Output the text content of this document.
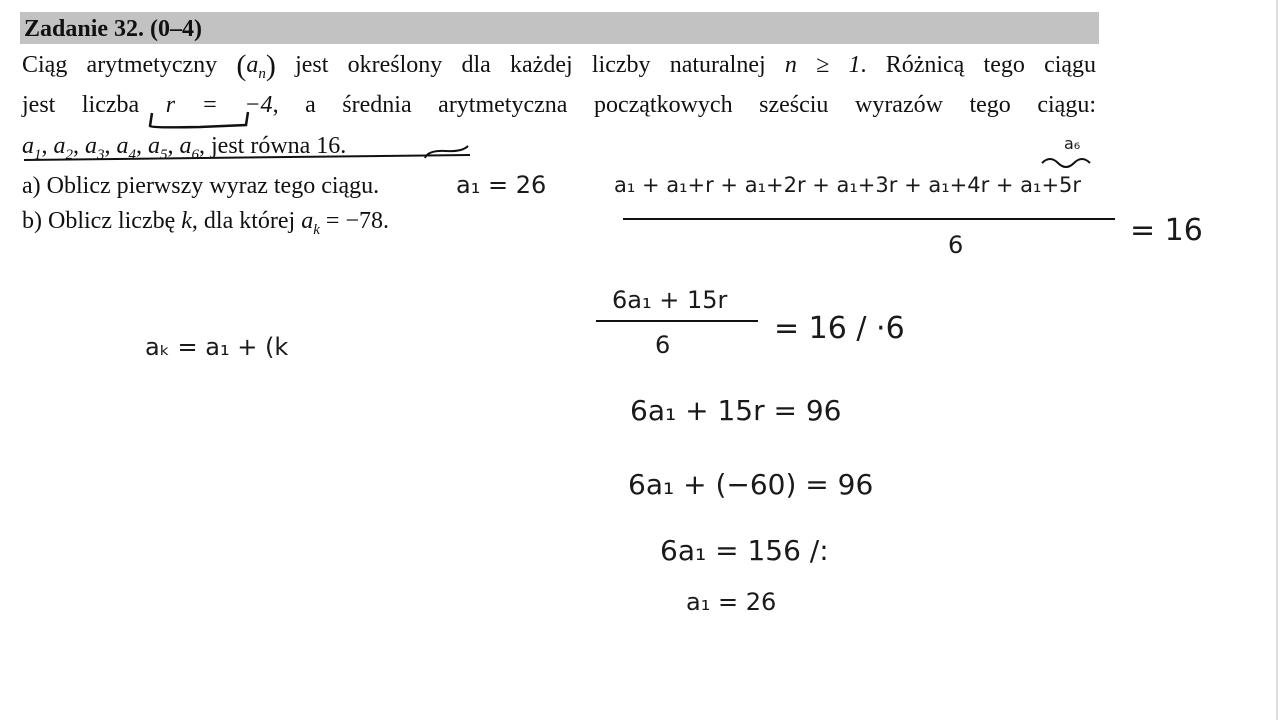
Zadanie 32. (0–4)
Ciąg arytmetyczny $(a_n)$ jest określony dla każdej liczby naturalnej n ≥ 1. Różnicą tego ciągu
jest liczba r = −4, a średnia arytmetyczna początkowych sześciu wyrazów tego ciągu:
$a_1$, $a_2$, $a_3$, $a_4$, $a_5$, $a_6$, jest równa 16.
a) Oblicz pierwszy wyraz tego ciągu.
b) Oblicz liczbę k, dla której $a_k = -78$.
a₁ = 26
a₆
a₁ + a₁+r + a₁+2r + a₁+3r + a₁+4r + a₁+5r
6	= 16
6a₁ + 15r
6	= 16 / ·6
6a₁ + 15r = 96
6a₁ + (−60) = 96
6a₁ = 156 /:
a₁ = 26
aₖ = a₁ + (k
